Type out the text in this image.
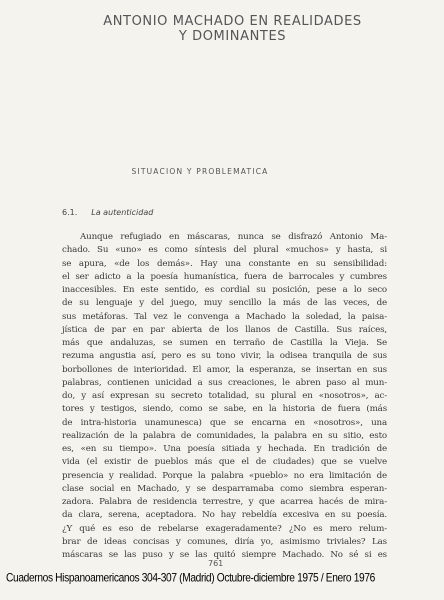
ANTONIO MACHADO EN REALIDADES
Y DOMINANTES
SITUACION Y PROBLEMATICA
6.1. La autenticidad
Aunque refugiado en máscaras, nunca se disfrazó Antonio Ma-
chado. Su «uno» es como síntesis del plural «muchos» y hasta, si
se apura, «de los demás». Hay una constante en su sensibilidad:
el ser adicto a la poesía humanística, fuera de barrocales y cumbres
inaccesibles. En este sentido, es cordial su posición, pese a lo seco
de su lenguaje y del juego, muy sencillo la más de las veces, de
sus metáforas. Tal vez le convenga a Machado la soledad, la paisa-
jística de par en par abierta de los llanos de Castilla. Sus raíces,
más que andaluzas, se sumen en terraño de Castilla la Vieja. Se
rezuma angustia así, pero es su tono vivir, la odisea tranquila de sus
borbollones de interioridad. El amor, la esperanza, se insertan en sus
palabras, contienen unicidad a sus creaciones, le abren paso al mun-
do, y así expresan su secreto totalidad, su plural en «nosotros», ac-
tores y testigos, siendo, como se sabe, en la historia de fuera (más
de intra-historia unamunesca) que se encarna en «nosotros», una
realización de la palabra de comunidades, la palabra en su sitio, esto
es, «en su tiempo». Una poesía sitiada y hechada. En tradición de
vida (el existir de pueblos más que el de ciudades) que se vuelve
presencia y realidad. Porque la palabra «pueblo» no era limitación de
clase social en Machado, y se desparramaba como siembra esperan-
zadora. Palabra de residencia terrestre, y que acarrea hacés de mira-
da clara, serena, aceptadora. No hay rebeldía excesiva en su poesía.
¿Y qué es eso de rebelarse exageradamente? ¿No es mero relum-
brar de ideas concisas y comunes, diría yo, asimismo triviales? Las
máscaras se las puso y se las quitó siempre Machado. No sé si es
761
Cuadernos Hispanoamericanos 304-307 (Madrid) Octubre-diciembre 1975 / Enero 1976
